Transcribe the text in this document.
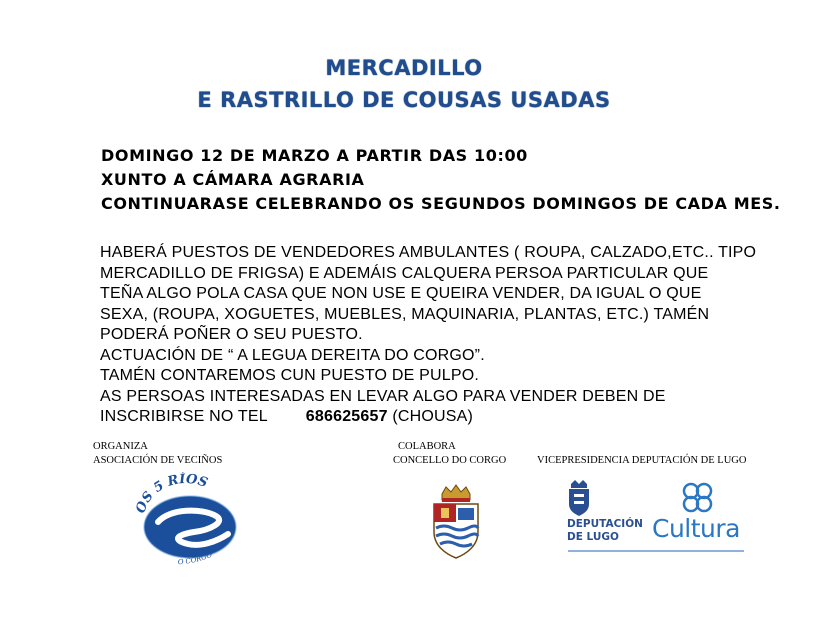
MERCADILLO
E RASTRILLO DE COUSAS USADAS
DOMINGO 12 DE MARZO A PARTIR DAS 10:00
XUNTO A CÁMARA AGRARIA
CONTINUARASE CELEBRANDO OS SEGUNDOS DOMINGOS DE CADA MES.
HABERÁ PUESTOS DE VENDEDORES AMBULANTES ( ROUPA, CALZADO,ETC.. TIPO
MERCADILLO DE FRIGSA) E ADEMÁIS CALQUERA PERSOA PARTICULAR QUE
TEÑA ALGO POLA CASA QUE NON USE E QUEIRA VENDER, DA IGUAL O QUE
SEXA, (ROUPA, XOGUETES, MUEBLES, MAQUINARIA, PLANTAS, ETC.) TAMÉN
PODERÁ POÑER O SEU PUESTO.
ACTUACIÓN DE “ A LEGUA DEREITA DO CORGO”.
TAMÉN CONTAREMOS CUN PUESTO DE PULPO.
AS PERSOAS INTERESADAS EN LEVAR ALGO PARA VENDER DEBEN DE
INSCRIBIRSE NO TEL 686625657 (CHOUSA)
ORGANIZA
ASOCIACIÓN DE VECIÑOS
COLABORA
CONCELLO DO CORGO	VICEPRESIDENCIA DEPUTACIÓN DE LUGO
OS 5 RÍOS
O CORGO
DEPUTACIÓN
DE LUGO	Cultura
